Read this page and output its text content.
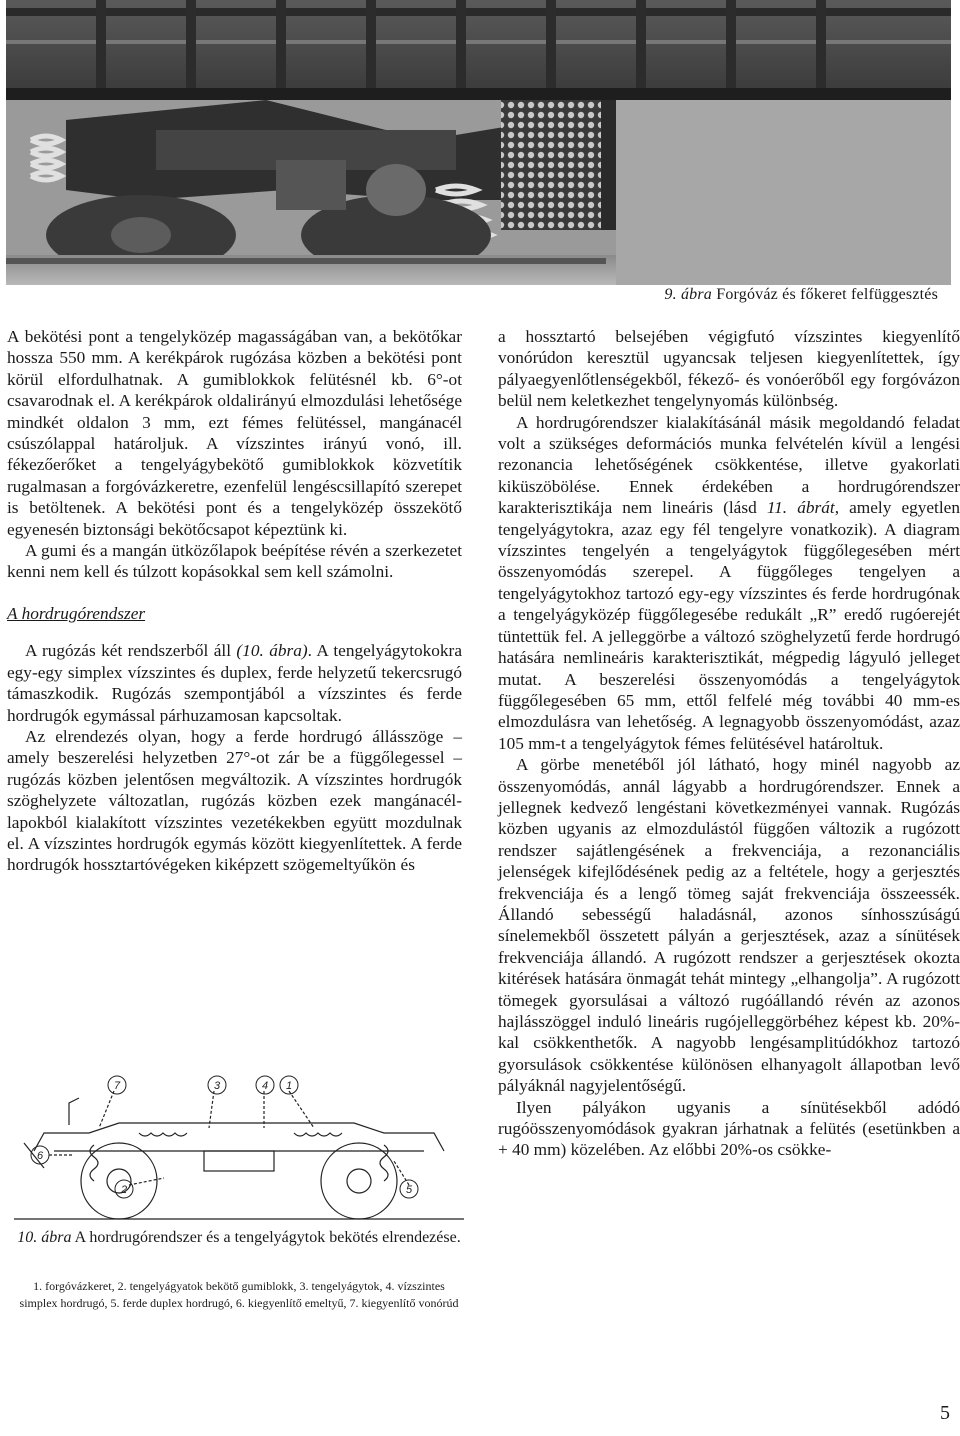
9. ábra Forgóváz és főkeret felfüggesztés

A bekötési pont a tengelyközép magasságában van, a bekötőkar hossza 550 mm. A kerékpárok rugózása közben a bekötési pont körül elfordulhatnak. A gumiblokkok felütésnél kb. 6°-ot csavarodnak el. A kerékpárok oldalirányú elmozdulási lehetősége mindkét oldalon 3 mm, ezt fémes felütéssel, mangánacél csúszólappal határoljuk. A vízszintes irányú vonó, ill. fékezőerőket a tengelyágybekötő gumiblokkok közvetítik rugalmasan a forgóvázkeretre, ezenfelül lengéscsillapító szerepet is betöltenek. A bekötési pont és a tengelyközép összekötő egyenesén biztonsági bekötőcsapot képeztünk ki.

A gumi és a mangán ütközőlapok beépítése révén a szerkezetet kenni nem kell és túlzott kopásokkal sem kell számolni.

A hordrugórendszer

A rugózás két rendszerből áll (10. ábra). A tengelyágytokokra egy-egy simplex vízszintes és duplex, ferde helyzetű tekercsrugó támaszkodik. Rugózás szempontjából a vízszintes és ferde hordrugók egymással párhuzamosan kapcsoltak.

Az elrendezés olyan, hogy a ferde hordrugó állásszöge – amely beszerelési helyzetben 27°-ot zár be a függőlegessel – rugózás közben jelentősen megváltozik. A vízszintes hordrugók szöghelyzete változatlan, rugózás közben ezek mangánacél-lapokból kialakított vízszintes vezetékekben együtt mozdulnak el. A vízszintes hordrugók egymás között kiegyenlítettek. A ferde hordrugók hossztartóvégeken kiképzett szögemeltyűkön és

7	3	4 1
6
2	5
10. ábra A hordrugórendszer és a tengelyágytok bekötés elrendezése.
1. forgóvázkeret, 2. tengelyágyatok bekötő gumiblokk, 3. tengelyágytok, 4. vízszintes simplex hordrugó, 5. ferde duplex hordrugó, 6. kiegyenlítő emeltyű, 7. kiegyenlítő vonórúd

a hossztartó belsejében végigfutó vízszintes kiegyenlítő vonórúdon keresztül ugyancsak teljesen kiegyenlítettek, így pályaegyenlőtlenségekből, fékező- és vonóerőből egy forgóvázon belül nem keletkezhet tengelynyomás különbség.

A hordrugórendszer kialakításánál másik megoldandó feladat volt a szükséges deformációs munka felvételén kívül a lengési rezonancia lehetőségének csökkentése, illetve gyakorlati kiküszöbölése. Ennek érdekében a hordrugórendszer karakterisztikája nem lineáris (lásd 11. ábrát, amely egyetlen tengelyágytokra, azaz egy fél tengelyre vonatkozik). A diagram vízszintes tengelyén a tengelyágytok függőlegesében mért összenyomódás szerepel. A függőleges tengelyen a tengelyágytokhoz tartozó egy-egy vízszintes és ferde hordrugónak a tengelyágyközép függőlegesébe redukált „R” eredő rugóerejét tüntettük fel. A jelleggörbe a változó szöghelyzetű ferde hordrugó hatására nemlineáris karakterisztikát, mégpedig lágyuló jelleget mutat. A beszerelési összenyomódás a tengelyágytok függőlegesében 65 mm, ettől felfelé még további 40 mm-es elmozdulásra van lehetőség. A legnagyobb összenyomódást, azaz 105 mm-t a tengelyágytok fémes felütésével határoltuk.

A görbe menetéből jól látható, hogy minél nagyobb az összenyomódás, annál lágyabb a hordrugórendszer. Ennek a jellegnek kedvező lengéstani következményei vannak. Rugózás közben ugyanis az elmozdulástól függően változik a rugózott rendszer sajátlengésének a frekvenciája, a rezonanciális jelenségek kifejlődésének pedig az a feltétele, hogy a gerjesztés frekvenciája és a lengő tömeg saját frekvenciája összeessék. Állandó sebességű haladásnál, azonos sínhosszúságú sínelemekből összetett pályán a gerjesztések, azaz a sínütések frekvenciája állandó. A rugózott rendszer a gerjesztések okozta kitérések hatására önmagát tehát mintegy „elhangolja”. A rugózott tömegek gyorsulásai a változó rugóállandó révén az azonos hajlásszöggel induló lineáris rugójelleggörbéhez képest kb. 20%-kal csökkenthetők. A nagyobb lengésamplitúdókhoz tartozó gyorsulások csökkentése különösen elhanyagolt állapotban levő pályáknál nagyjelentőségű.

Ilyen pályákon ugyanis a sínütésekből adódó rugóösszenyomódások gyakran járhatnak a felütés (esetünkben a + 40 mm) közelében. Az előbbi 20%-os csökke-

5
